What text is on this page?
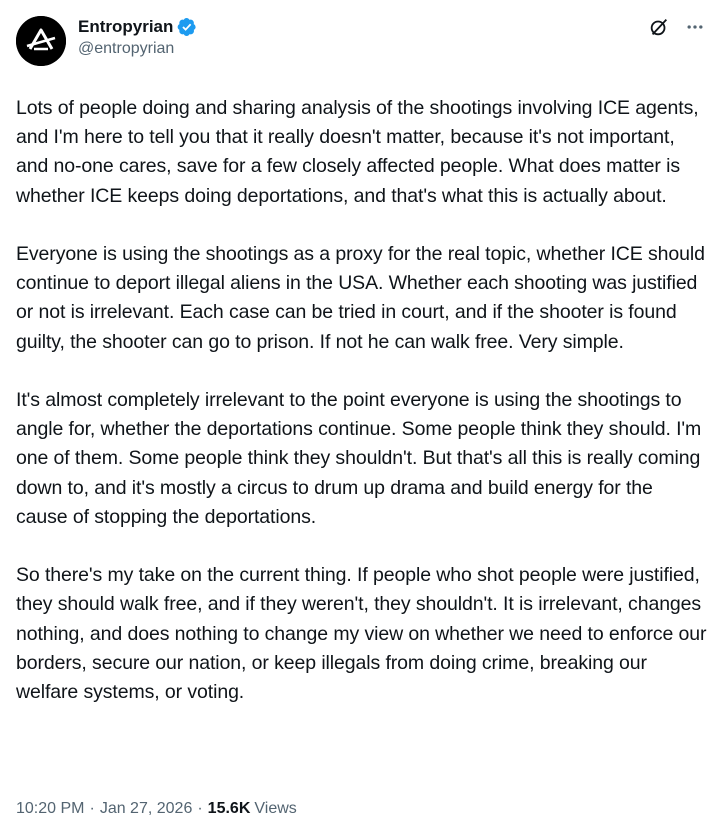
Entropyrian
@entropyrian

Lots of people doing and sharing analysis of the shootings involving ICE agents, and I'm here to tell you that it really doesn't matter, because it's not important, and no-one cares, save for a few closely affected people. What does matter is whether ICE keeps doing deportations, and that's what this is actually about.

Everyone is using the shootings as a proxy for the real topic, whether ICE should continue to deport illegal aliens in the USA. Whether each shooting was justified or not is irrelevant. Each case can be tried in court, and if the shooter is found guilty, the shooter can go to prison. If not he can walk free. Very simple.

It's almost completely irrelevant to the point everyone is using the shootings to angle for, whether the deportations continue. Some people think they should. I'm one of them. Some people think they shouldn't. But that's all this is really coming down to, and it's mostly a circus to drum up drama and build energy for the cause of stopping the deportations.

So there's my take on the current thing. If people who shot people were justified, they should walk free, and if they weren't, they shouldn't. It is irrelevant, changes nothing, and does nothing to change my view on whether we need to enforce our borders, secure our nation, or keep illegals from doing crime, breaking our welfare systems, or voting.

10:20 PM · Jan 27, 2026 · 15.6K Views
